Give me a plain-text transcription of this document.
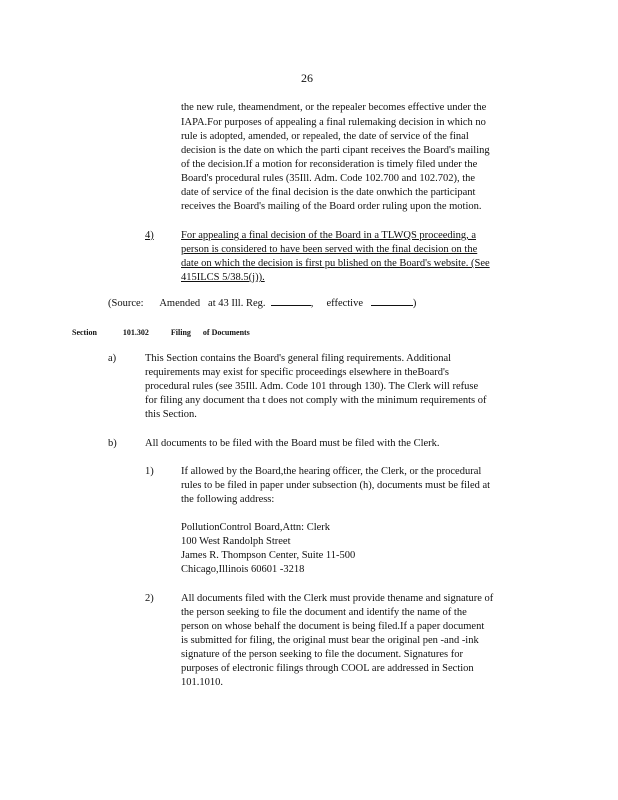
26
the new rule, theamendment, or the repealer becomes effective under the
IAPA.For purposes of appealing a final rulemaking decision in which no
rule is adopted, amended, or repealed, the date of service of the final
decision is the date on which the parti cipant receives the Board's mailing
of the decision.If a motion for reconsideration is timely filed under the
Board's procedural rules (35Ill. Adm. Code 102.700 and 102.702), the
date of service of the final decision is the date onwhich the participant
receives the Board's mailing of the Board order ruling upon the motion.
4)	For appealing a final decision of the Board in a TLWQS proceeding, a
person is considered to have been served with the final decision on the
date on which the decision is first pu blished on the Board's website. (See
415ILCS 5/38.5(j)).
(Source: Amended at 43 Ill. Reg.	, effective	)
Section	101.302	Filing of Documents
a)	This Section contains the Board's general filing requirements. Additional
requirements may exist for specific proceedings elsewhere in theBoard's
procedural rules (see 35Ill. Adm. Code 101 through 130). The Clerk will refuse
for filing any document tha t does not comply with the minimum requirements of
this Section.
b)	All documents to be filed with the Board must be filed with the Clerk.
1)	If allowed by the Board,the hearing officer, the Clerk, or the procedural
rules to be filed in paper under subsection (h), documents must be filed at
the following address:
PollutionControl Board,Attn: Clerk
100 West Randolph Street
James R. Thompson Center, Suite 11-500
Chicago,Illinois 60601 -3218
2)	All documents filed with the Clerk must provide thename and signature of
the person seeking to file the document and identify the name of the
person on whose behalf the document is being filed.If a paper document
is submitted for filing, the original must bear the original pen -and -ink
signature of the person seeking to file the document. Signatures for
purposes of electronic filings through COOL are addressed in Section
101.1010.
